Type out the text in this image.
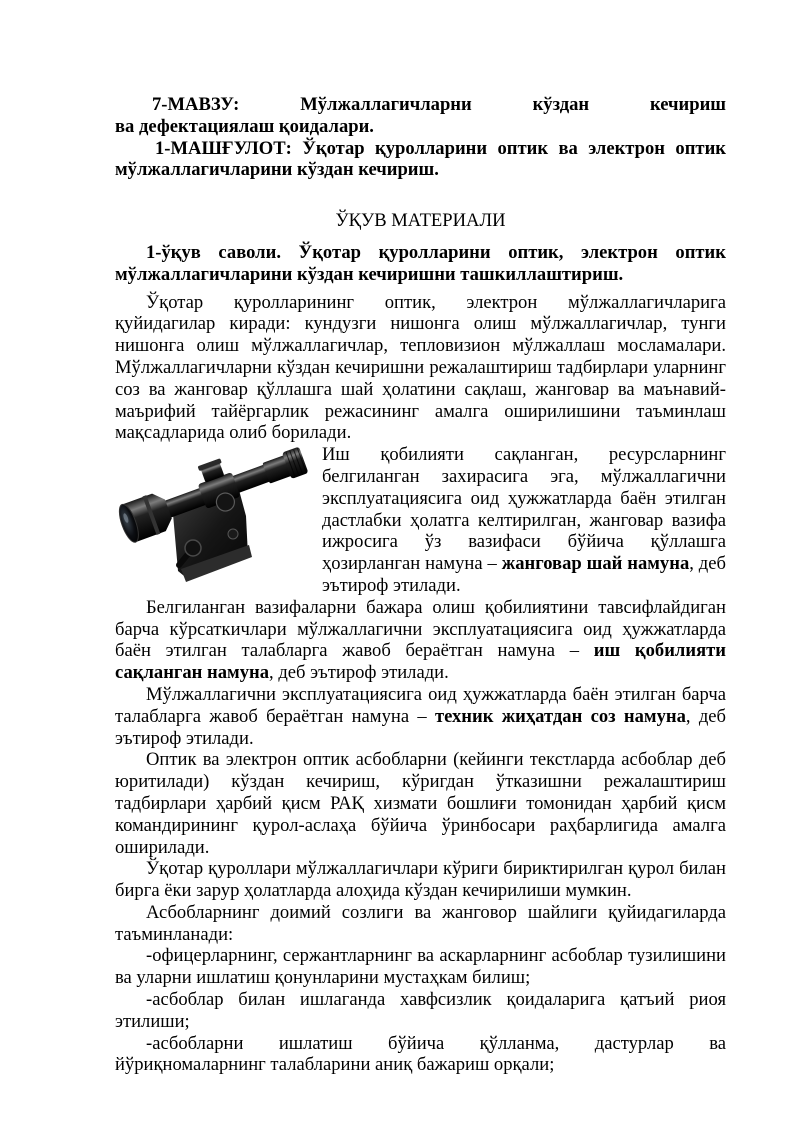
7-МАВЗУ: Мўлжаллагичларни кўздан кечириш
ва дефектациялаш қоидалари.

1-МАШҒУЛОТ: Ўқотар қуролларини оптик ва электрон оптик мўлжаллагичларини кўздан кечириш.

ЎҚУВ МАТЕРИАЛИ

1-ўқув саволи. Ўқотар қуролларини оптик, электрон оптик мўлжаллагичларини кўздан кечиришни ташкиллаштириш.

Ўқотар қуролларининг оптик, электрон мўлжаллагичларига қуйидагилар киради: кундузги нишонга олиш мўлжаллагичлар, тунги нишонга олиш мўлжаллагичлар, тепловизион мўлжаллаш мосламалари. Мўлжаллагичларни кўздан кечиришни режалаштириш тадбирлари уларнинг соз ва жанговар қўллашга шай ҳолатини сақлаш, жанговар ва маънавий-маърифий тайёргарлик режасининг амалга оширилишини таъминлаш мақсадларида олиб борилади.

Иш қобилияти сақланган, ресурсларнинг белгиланган захирасига эга, мўлжаллагични эксплуатациясига оид ҳужжатларда баён этилган дастлабки ҳолатга келтирилган, жанговар вазифа ижросига ўз вазифаси бўйича қўллашга ҳозирланган намуна – жанговар шай намуна, деб эътироф этилади.

Белгиланган вазифаларни бажара олиш қобилиятини тавсифлайдиган барча кўрсаткичлари мўлжаллагични эксплуатациясига оид ҳужжатларда баён этилган талабларга жавоб бераётган намуна – иш қобилияти сақланган намуна, деб эътироф этилади.

Мўлжаллагични эксплуатациясига оид ҳужжатларда баён этилган барча талабларга жавоб бераётган намуна – техник жиҳатдан соз намуна, деб эътироф этилади.

Оптик ва электрон оптик асбобларни (кейинги текстларда асбоблар деб юритилади) кўздан кечириш, кўригдан ўтказишни режалаштириш тадбирлари ҳарбий қисм РАҚ хизмати бошлиғи томонидан ҳарбий қисм командирининг қурол-аслаҳа бўйича ўринбосари раҳбарлигида амалга оширилади.

Ўқотар қуроллари мўлжаллагичлари кўриги бириктирилган қурол билан бирга ёки зарур ҳолатларда алоҳида кўздан кечирилиши мумкин.

Асбобларнинг доимий созлиги ва жанговор шайлиги қуйидагиларда таъминланади:

-офицерларнинг, сержантларнинг ва аскарларнинг асбоблар тузилишини ва уларни ишлатиш қонунларини мустаҳкам билиш;

-асбоблар билан ишлаганда хавфсизлик қоидаларига қатъий риоя этилиши;

-асбобларни ишлатиш бўйича қўлланма, дастурлар ва йўриқномаларнинг талабларини аниқ бажариш орқали;
